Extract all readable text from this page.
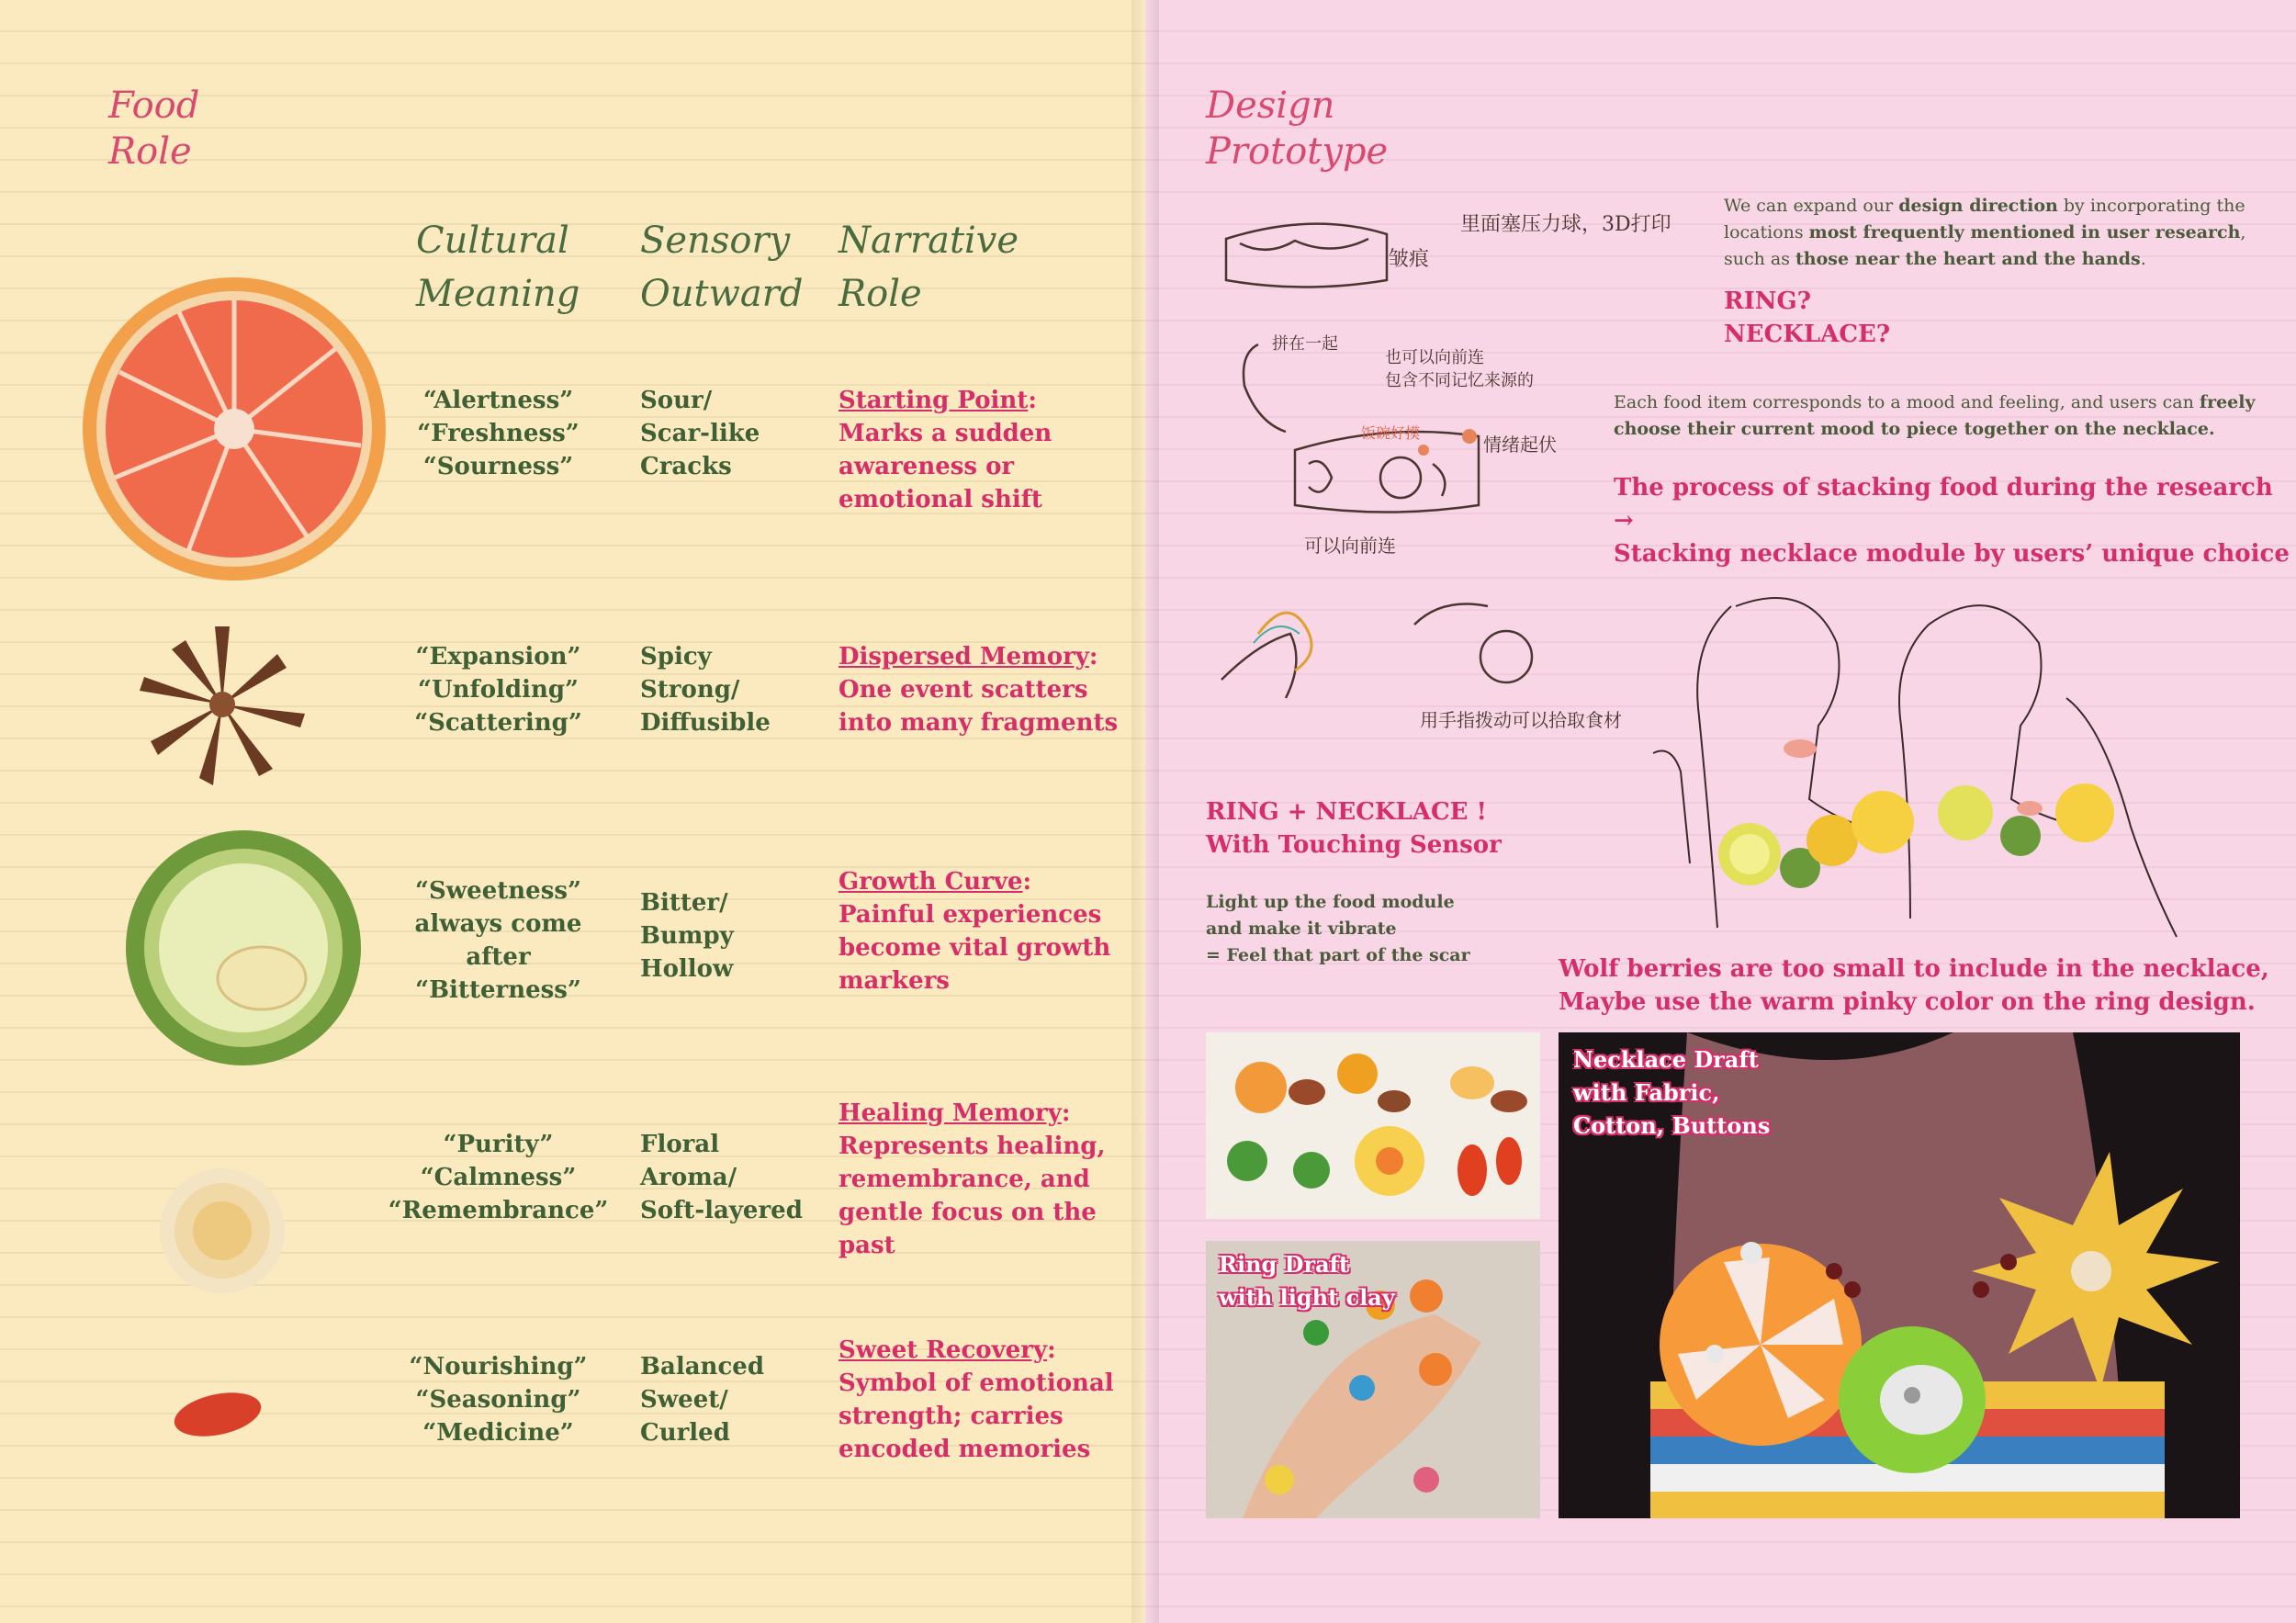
Food
Role
Cultural
Meaning
Sensory
Outward
Narrative
Role
“Alertness”
“Freshness”
“Sourness”
Sour/
Scar-like
Cracks
Starting Point:
Marks a sudden
awareness or
emotional shift
“Expansion”
“Unfolding”
“Scattering”
Spicy
Strong/
Diffusible
Dispersed Memory:
One event scatters
into many fragments
“Sweetness”
always come
after
“Bitterness”
Bitter/
Bumpy
Hollow
Growth Curve:
Painful experiences
become vital growth
markers
“Purity”
“Calmness”
“Remembrance”
Floral
Aroma/
Soft-layered
Healing Memory:
Represents healing,
remembrance, and
gentle focus on the
past
“Nourishing”
“Seasoning”
“Medicine”
Balanced
Sweet/
Curled
Sweet Recovery:
Symbol of emotional
strength; carries
encoded memories
Design
Prototype
里面塞压力球，3D打印
皱痕
拼在一起
也可以向前连
包含不同记忆来源的
饭碗好摸
情绪起伏
可以向前连
用手指拨动可以拾取食材
We can expand our design direction by incorporating the
locations most frequently mentioned in user research,
such as those near the heart and the hands.
RING?
NECKLACE?
Each food item corresponds to a mood and feeling, and users can freely
choose their current mood to piece together on the necklace.
The process of stacking food during the research
→
Stacking necklace module by users’ unique choice
RING + NECKLACE !
With Touching Sensor
Light up the food module
and make it vibrate
= Feel that part of the scar	Wolf berries are too small to include in the necklace,
Maybe use the warm pinky color on the ring design.
Ring Draft
with light clay
Necklace Draft
with Fabric,
Cotton, Buttons
